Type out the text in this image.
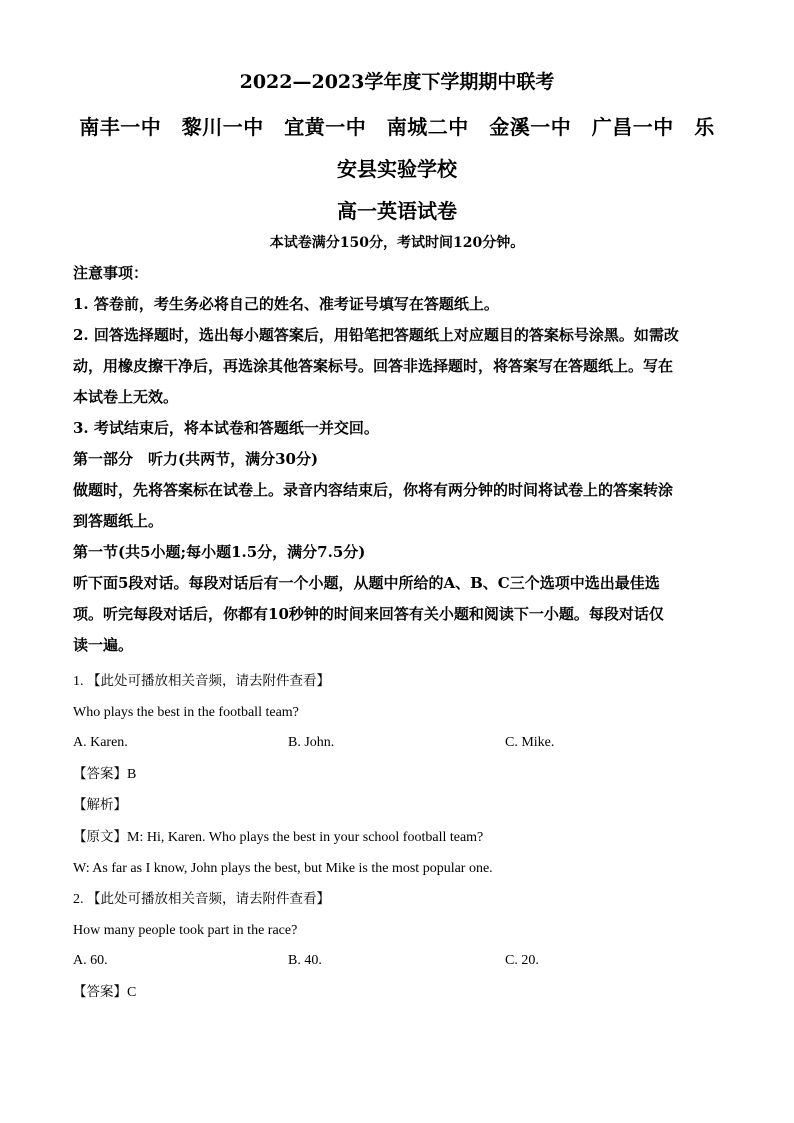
2022—2023学年度下学期期中联考
南丰一中　黎川一中　宜黄一中　南城二中　金溪一中　广昌一中　乐
安县实验学校
高一英语试卷
本试卷满分150分，考试时间120分钟。
注意事项：
1. 答卷前，考生务必将自己的姓名、准考证号填写在答题纸上。
2. 回答选择题时，选出每小题答案后，用铅笔把答题纸上对应题目的答案标号涂黑。如需改
动，用橡皮擦干净后，再选涂其他答案标号。回答非选择题时，将答案写在答题纸上。写在
本试卷上无效。
3. 考试结束后，将本试卷和答题纸一并交回。
第一部分　听力(共两节，满分30分)
做题时，先将答案标在试卷上。录音内容结束后，你将有两分钟的时间将试卷上的答案转涂
到答题纸上。
第一节(共5小题;每小题1.5分，满分7.5分)
听下面5段对话。每段对话后有一个小题，从题中所给的A、B、C三个选项中选出最佳选
项。听完每段对话后，你都有10秒钟的时间来回答有关小题和阅读下一小题。每段对话仅
读一遍。
1. 【此处可播放相关音频，请去附件查看】
Who plays the best in the football team?
A. Karen.	B. John.	C. Mike.
【答案】B
【解析】
【原文】M: Hi, Karen. Who plays the best in your school football team?
W: As far as I know, John plays the best, but Mike is the most popular one.
2. 【此处可播放相关音频，请去附件查看】
How many people took part in the race?
A. 60.	B. 40.	C. 20.
【答案】C
